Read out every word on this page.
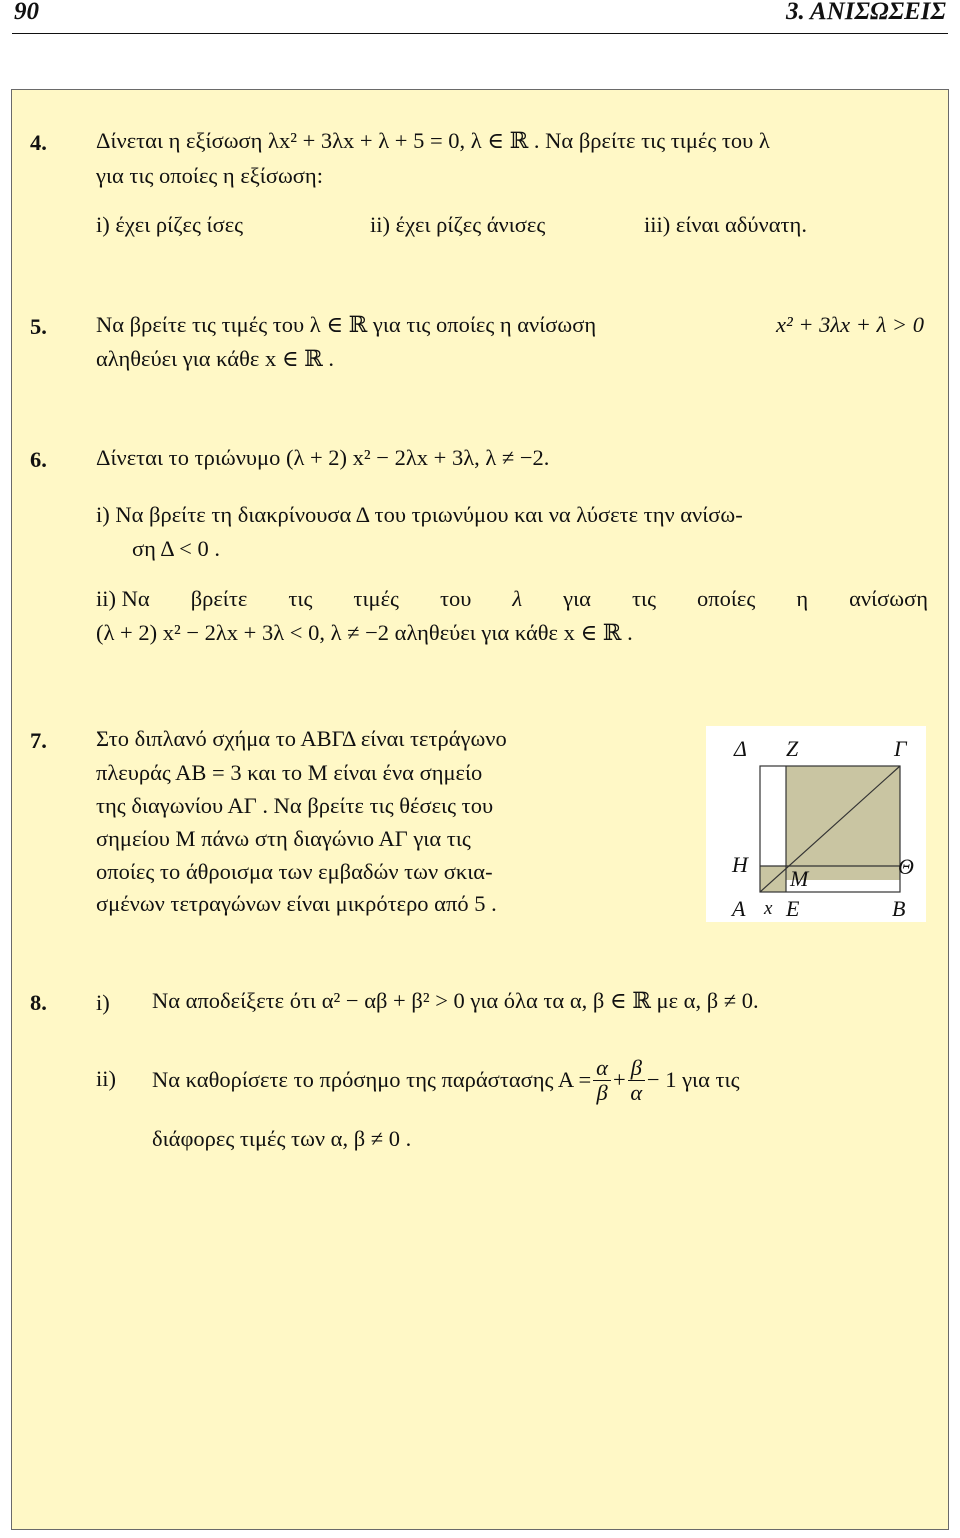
90	3. ΑΝΙΣΩΣΕΙΣ
4. Δίνεται η εξίσωση λx² + 3λx + λ + 5 = 0, λ ∈ ℝ . Να βρείτε τις τιμές του λ
για τις οποίες η εξίσωση:
i) έχει ρίζες ίσες	ii) έχει ρίζες άνισες	iii) είναι αδύνατη.
5. Να βρείτε τις τιμές του λ ∈ ℝ για τις οποίες η ανίσωση	x² + 3λx + λ > 0
αληθεύει για κάθε x ∈ ℝ .
6. Δίνεται το τριώνυμο (λ + 2) x² − 2λx + 3λ, λ ≠ −2.
i) Να βρείτε τη διακρίνουσα Δ του τριωνύμου και να λύσετε την ανίσω-
ση Δ < 0 .
ii) Να βρείτε τις τιμές του λ για τις οποίες η ανίσωση
(λ + 2) x² − 2λx + 3λ < 0, λ ≠ −2 αληθεύει για κάθε x ∈ ℝ .
7. Στο διπλανό σχήμα το ΑΒΓΔ είναι τετράγωνο
πλευράς ΑΒ = 3 και το Μ είναι ένα σημείο
της διαγωνίου ΑΓ . Να βρείτε τις θέσεις του
σημείου Μ πάνω στη διαγώνιο ΑΓ για τις
οποίες το άθροισμα των εμβαδών των σκια-
σμένων τετραγώνων είναι μικρότερο από 5 .
Δ Ζ	Γ
Η
Μ	Θ
Α x Ε	Β
8. i) Να αποδείξετε ότι α² − αβ + β² > 0 για όλα τα α, β ∈ ℝ με α, β ≠ 0.
ii) Να καθορίσετε το πρόσημο της παράστασης $A = \frac{\alpha}{\beta} + \frac{\beta}{\alpha} - 1$ για τις
διάφορες τιμές των α, β ≠ 0 .
